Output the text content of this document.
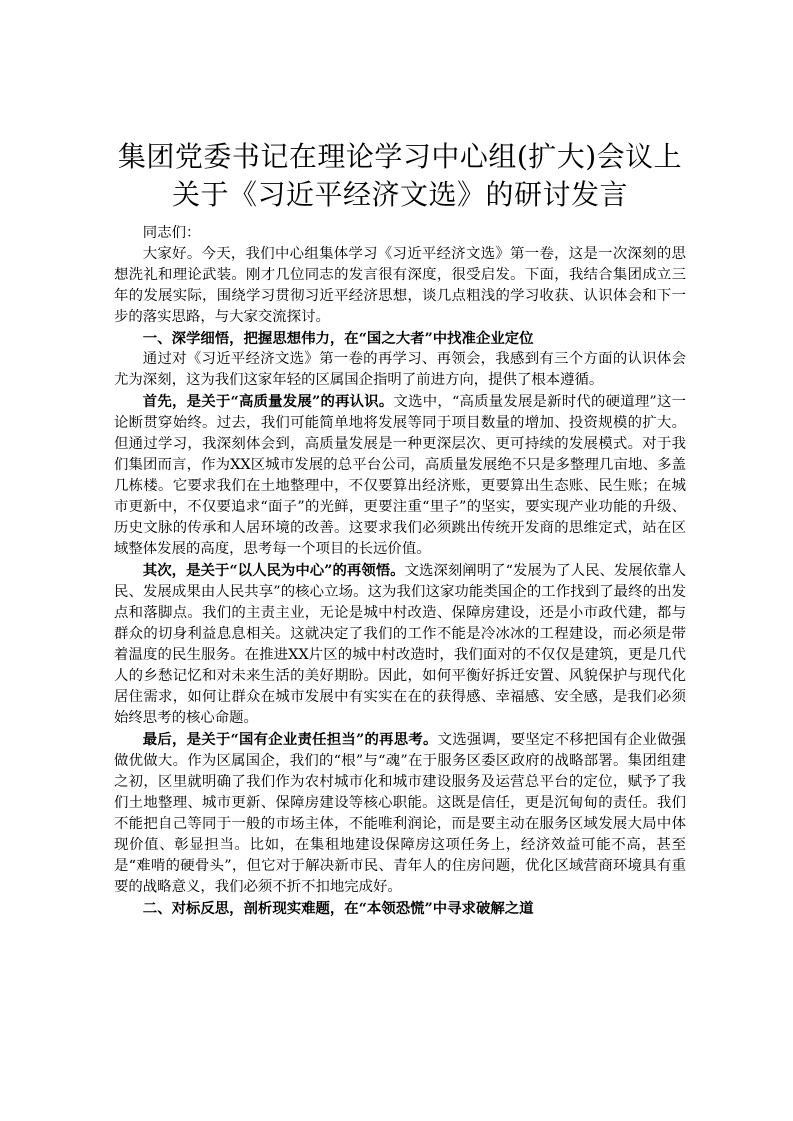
集团党委书记在理论学习中心组(扩大)会议上
关于《习近平经济文选》的研讨发言

同志们：

大家好。今天，我们中心组集体学习《习近平经济文选》第一卷，这是一次深刻的思想洗礼和理论武装。刚才几位同志的发言很有深度，很受启发。下面，我结合集团成立三年的发展实际，围绕学习贯彻习近平经济思想，谈几点粗浅的学习收获、认识体会和下一步的落实思路，与大家交流探讨。

一、深学细悟，把握思想伟力，在“国之大者”中找准企业定位

通过对《习近平经济文选》第一卷的再学习、再领会，我感到有三个方面的认识体会尤为深刻，这为我们这家年轻的区属国企指明了前进方向，提供了根本遵循。

首先，是关于“高质量发展”的再认识。文选中，“高质量发展是新时代的硬道理”这一论断贯穿始终。过去，我们可能简单地将发展等同于项目数量的增加、投资规模的扩大。但通过学习，我深刻体会到，高质量发展是一种更深层次、更可持续的发展模式。对于我们集团而言，作为XX区城市发展的总平台公司，高质量发展绝不只是多整理几亩地、多盖几栋楼。它要求我们在土地整理中，不仅要算出经济账，更要算出生态账、民生账；在城市更新中，不仅要追求“面子”的光鲜，更要注重“里子”的坚实，要实现产业功能的升级、历史文脉的传承和人居环境的改善。这要求我们必须跳出传统开发商的思维定式，站在区域整体发展的高度，思考每一个项目的长远价值。

其次，是关于“以人民为中心”的再领悟。文选深刻阐明了“发展为了人民、发展依靠人民、发展成果由人民共享”的核心立场。这为我们这家功能类国企的工作找到了最终的出发点和落脚点。我们的主责主业，无论是城中村改造、保障房建设，还是小市政代建，都与群众的切身利益息息相关。这就决定了我们的工作不能是冷冰冰的工程建设，而必须是带着温度的民生服务。在推进XX片区的城中村改造时，我们面对的不仅仅是建筑，更是几代人的乡愁记忆和对未来生活的美好期盼。因此，如何平衡好拆迁安置、风貌保护与现代化居住需求，如何让群众在城市发展中有实实在在的获得感、幸福感、安全感，是我们必须始终思考的核心命题。

最后，是关于“国有企业责任担当”的再思考。文选强调，要坚定不移把国有企业做强做优做大。作为区属国企，我们的“根”与“魂”在于服务区委区政府的战略部署。集团组建之初，区里就明确了我们作为农村城市化和城市建设服务及运营总平台的定位，赋予了我们土地整理、城市更新、保障房建设等核心职能。这既是信任，更是沉甸甸的责任。我们不能把自己等同于一般的市场主体，不能唯利润论，而是要主动在服务区域发展大局中体现价值、彰显担当。比如，在集租地建设保障房这项任务上，经济效益可能不高，甚至是“难啃的硬骨头”，但它对于解决新市民、青年人的住房问题，优化区域营商环境具有重要的战略意义，我们必须不折不扣地完成好。

二、对标反思，剖析现实难题，在“本领恐慌”中寻求破解之道
